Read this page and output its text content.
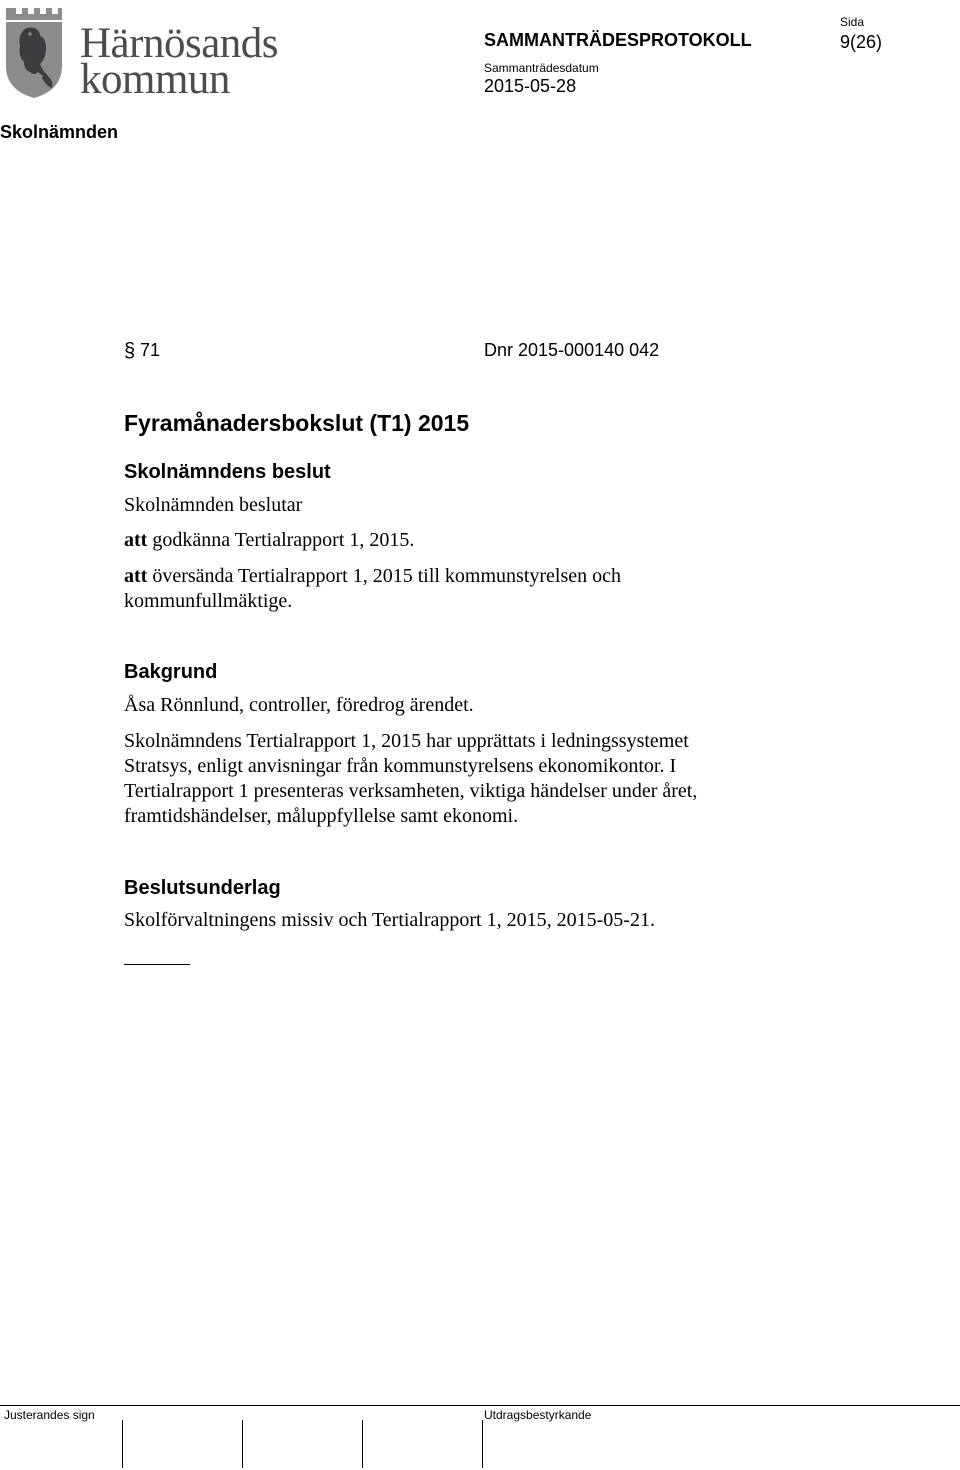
Härnösands
kommun
SAMMANTRÄDESPROTOKOLL
Sammanträdesdatum
2015-05-28
Sida
9(26)
Skolnämnden
§ 71	Dnr 2015-000140 042
Fyramånadersbokslut (T1) 2015
Skolnämndens beslut
Skolnämnden beslutar
att godkänna Tertialrapport 1, 2015.
att översända Tertialrapport 1, 2015 till kommunstyrelsen och
kommunfullmäktige.
Bakgrund
Åsa Rönnlund, controller, föredrog ärendet.
Skolnämndens Tertialrapport 1, 2015 har upprättats i ledningssystemet
Stratsys, enligt anvisningar från kommunstyrelsens ekonomikontor. I
Tertialrapport 1 presenteras verksamheten, viktiga händelser under året,
framtidshändelser, måluppfyllelse samt ekonomi.
Beslutsunderlag
Skolförvaltningens missiv och Tertialrapport 1, 2015, 2015-05-21.
Justerandes sign	Utdragsbestyrkande
